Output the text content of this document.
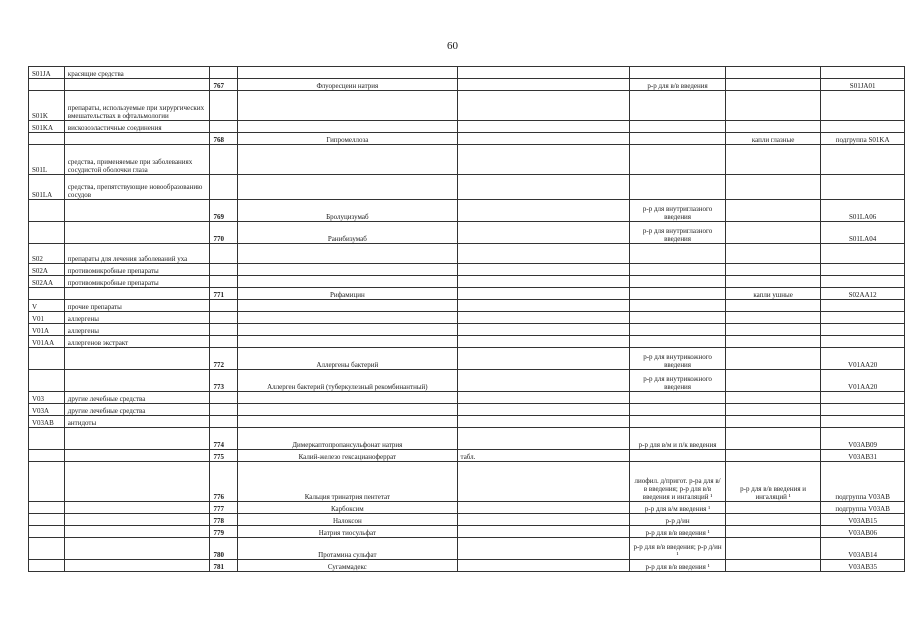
60
S01JA	красящие средства						
		767	Флуоресцеин натрия		р-р для в/в введения		S01JA01
S01K	препараты, используемые при хирургических вмешательствах в офтальмологии						
S01KA	вискозоэластичные соединения						
		768	Гипромеллоза			капли глазные	подгруппа S01KA
S01L	средства, применяемые при заболеваниях сосудистой оболочки глаза						
S01LA	средства, препятствующие новообразованию сосудов						
		769	Бролуцизумаб		р-р для внутриглазного введения		S01LA06
		770	Ранибизумаб		р-р для внутриглазного введения		S01LA04
S02	препараты для лечения заболеваний уха						
S02A	противомикробные препараты						
S02AA	противомикробные препараты						
		771	Рифамицин			капли ушные	S02AA12
V	прочие препараты						
V01	аллергены						
V01A	аллергены						
V01AA	аллергенов экстракт						
		772	Аллергены бактерий		р-р для внутрикожного введения		V01AA20
		773	Аллерген бактерий (туберкулезный рекомбинантный)		р-р для внутрикожного введения		V01AA20
V03	другие лечебные средства						
V03A	другие лечебные средства						
V03AB	антидоты						
		774	Димеркаптопропансульфонат натрия		р-р для в/м и п/к введения		V03AB09
		775	Калий-железо гексацианоферрат	табл.			V03AB31
		776	Кальция тринатрия пентетат		лиофил. д/пригот. р-ра для в/в введения; р-р для в/в введения и ингаляций ¹	р-р для в/в введения и ингаляций ¹	подгруппа V03AB
		777	Карбоксим		р-р для в/м введения ¹		подгруппа V03AB
		778	Налоксон		р-р д/ин		V03AB15
		779	Натрия тиосульфат		р-р для в/в введения ¹		V03AB06
		780	Протамина сульфат		р-р для в/в введения; р-р д/ин ¹		V03AB14
		781	Сугаммадекс		р-р для в/в введения ¹		V03AB35
